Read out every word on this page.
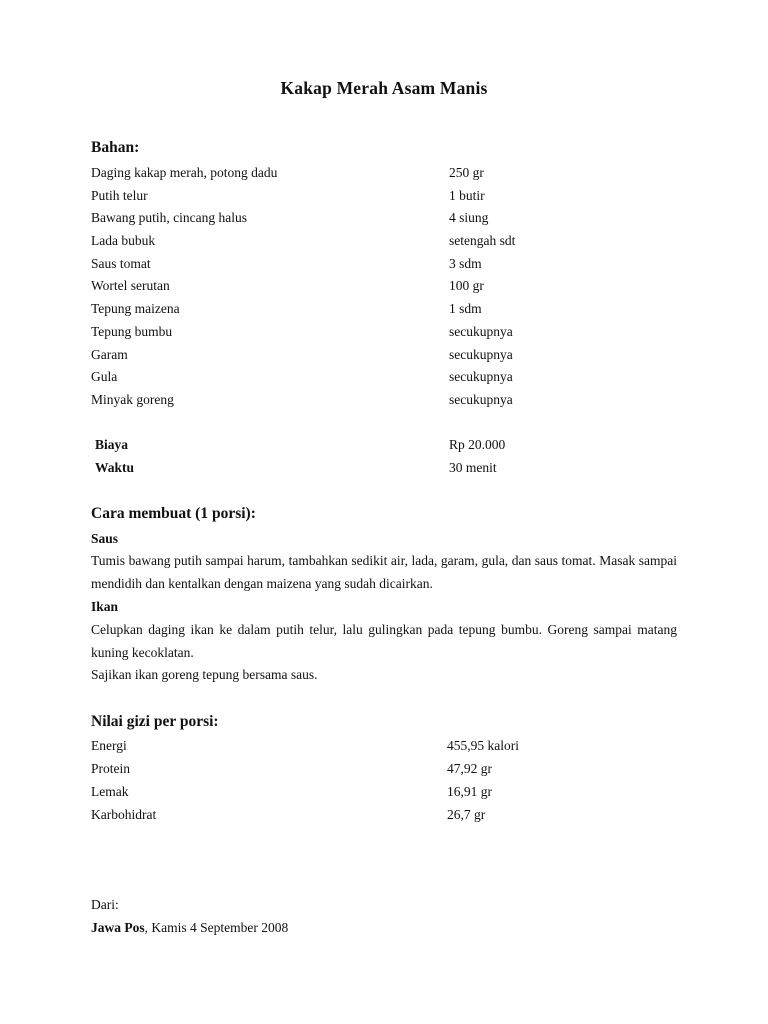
Kakap Merah Asam Manis
Bahan:
Daging kakap merah, potong dadu	250 gr
Putih telur	1 butir
Bawang putih, cincang halus	4 siung
Lada bubuk	setengah sdt
Saus tomat	3 sdm
Wortel serutan	100 gr
Tepung maizena	1 sdm
Tepung bumbu	secukupnya
Garam	secukupnya
Gula	secukupnya
Minyak goreng	secukupnya
Biaya	Rp 20.000
Waktu	30 menit
Cara membuat (1 porsi):
Saus
Tumis bawang putih sampai harum, tambahkan sedikit air, lada, garam, gula, dan saus tomat. Masak sampai mendidih dan kentalkan dengan maizena yang sudah dicairkan.
Ikan
Celupkan daging ikan ke dalam putih telur, lalu gulingkan pada tepung bumbu. Goreng sampai matang kuning kecoklatan.
Sajikan ikan goreng tepung bersama saus.
Nilai gizi per porsi:
Energi	455,95 kalori
Protein	47,92 gr
Lemak	16,91 gr
Karbohidrat	26,7 gr
Dari:
Jawa Pos, Kamis 4 September 2008
